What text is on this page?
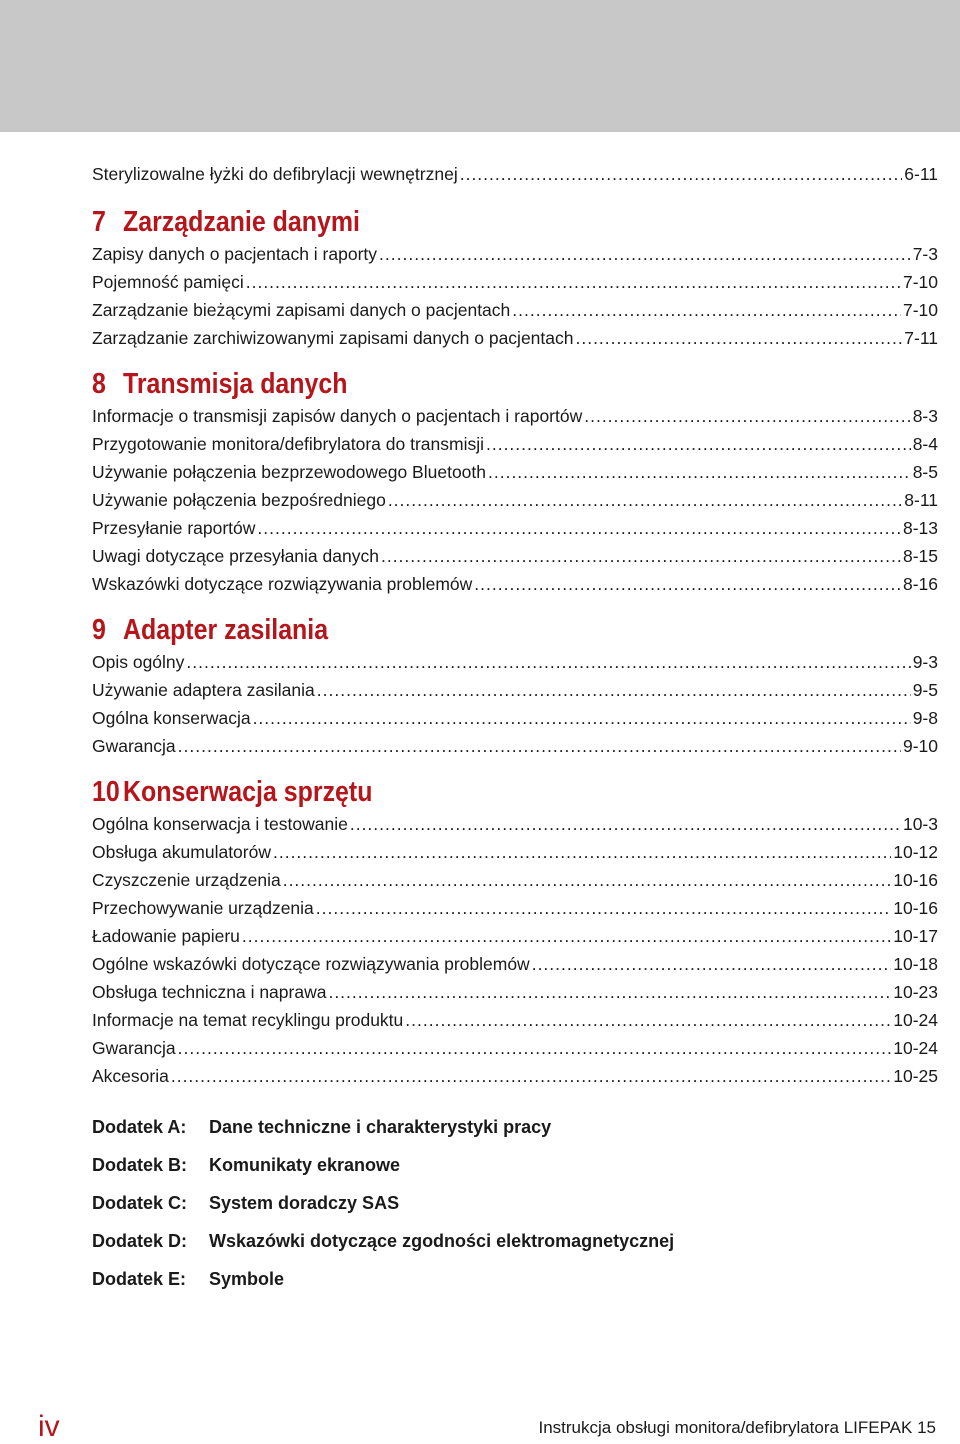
Sterylizowalne łyżki do defibrylacji wewnętrznej .....	6-11
7 Zarządzanie danymi
Zapisy danych o pacjentach i raporty .....	7-3
Pojemność pamięci .....	7-10
Zarządzanie bieżącymi zapisami danych o pacjentach .....	7-10
Zarządzanie zarchiwizowanymi zapisami danych o pacjentach .....	7-11
8 Transmisja danych
Informacje o transmisji zapisów danych o pacjentach i raportów .....	8-3
Przygotowanie monitora/defibrylatora do transmisji .....	8-4
Używanie połączenia bezprzewodowego Bluetooth .....	8-5
Używanie połączenia bezpośredniego .....	8-11
Przesyłanie raportów .....	8-13
Uwagi dotyczące przesyłania danych .....	8-15
Wskazówki dotyczące rozwiązywania problemów .....	8-16
9 Adapter zasilania
Opis ogólny .....	9-3
Używanie adaptera zasilania .....	9-5
Ogólna konserwacja .....	9-8
Gwarancja .....	9-10
10 Konserwacja sprzętu
Ogólna konserwacja i testowanie .....	10-3
Obsługa akumulatorów .....	10-12
Czyszczenie urządzenia .....	10-16
Przechowywanie urządzenia .....	10-16
Ładowanie papieru .....	10-17
Ogólne wskazówki dotyczące rozwiązywania problemów .....	10-18
Obsługa techniczna i naprawa .....	10-23
Informacje na temat recyklingu produktu .....	10-24
Gwarancja .....	10-24
Akcesoria .....	10-25
Dodatek A:	Dane techniczne i charakterystyki pracy
Dodatek B:	Komunikaty ekranowe
Dodatek C:	System doradczy SAS
Dodatek D:	Wskazówki dotyczące zgodności elektromagnetycznej
Dodatek E:	Symbole
iv	Instrukcja obsługi monitora/defibrylatora LIFEPAK 15
